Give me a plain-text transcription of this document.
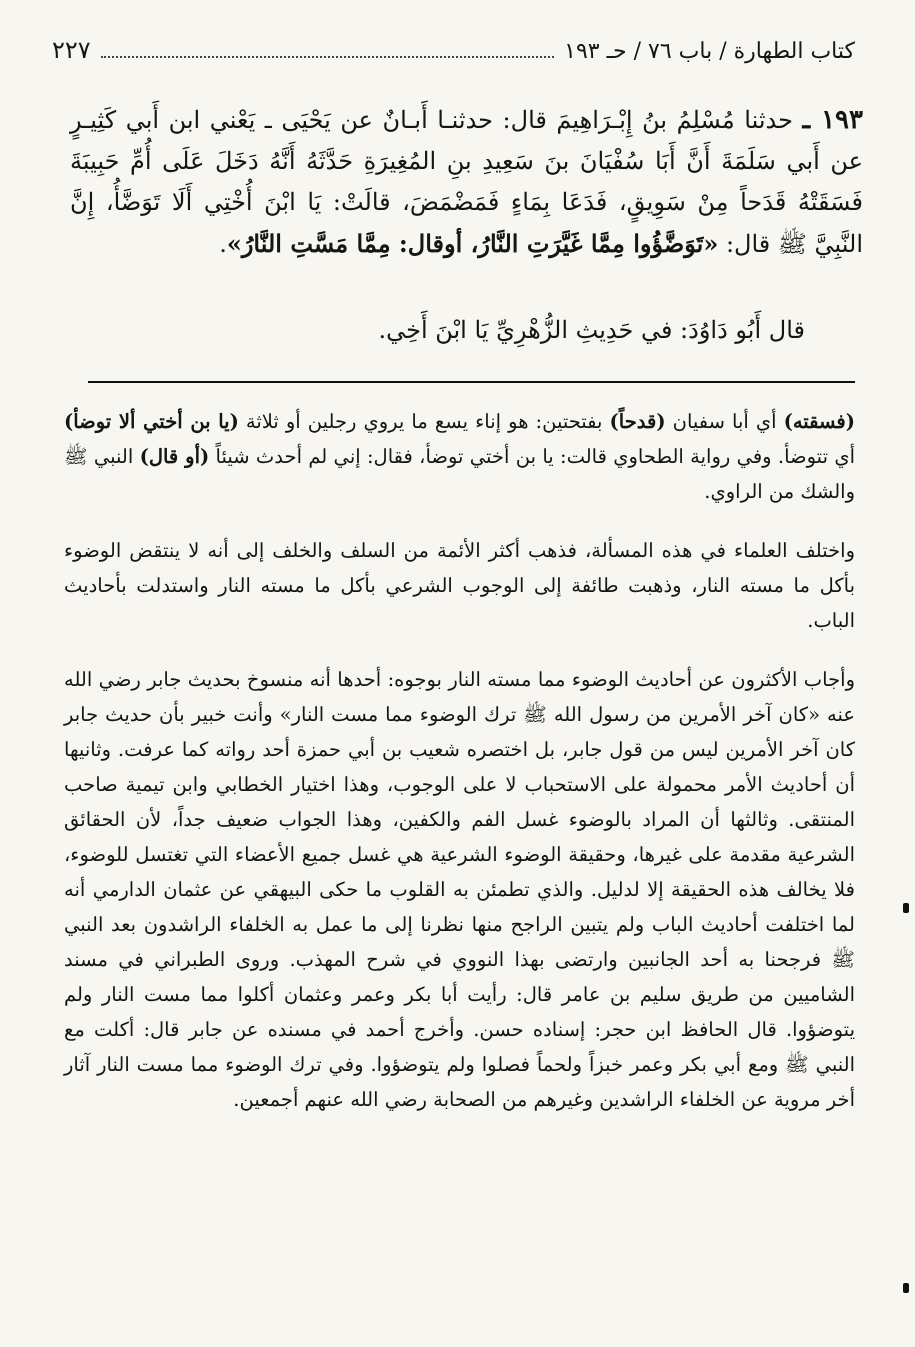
كتاب الطهارة / باب ٧٦ / حـ ١٩٣
٢٢٧
١٩٣ ـ حدثنا مُسْلِمُ بنُ إِبْـرَاهِيمَ قال: حدثنـا أَبـانٌ عن يَحْيَى ـ يَعْني ابن أَبي كَثِيـرٍ عن أَبي سَلَمَةَ أَنَّ أَبَا سُفْيَانَ بنَ سَعِيدِ بنِ المُغِيرَةِ حَدَّثَهُ أَنَّهُ دَخَلَ عَلَى أُمِّ حَبِيبَةَ فَسَقَتْهُ قَدَحاً مِنْ سَوِيقٍ، فَدَعَا بِمَاءٍ فَمَضْمَضَ، قالَتْ: يَا ابْنَ أُخْتِي أَلَا تَوَضَّأُ، إِنَّ النَّبِيَّ ﷺ قال: «تَوَضَّؤُوا مِمَّا غَيَّرَتِ النَّارُ، أوقال: مِمَّا مَسَّتِ النَّارُ».
قال أَبُو دَاوُدَ: في حَدِيثِ الزُّهْرِيِّ يَا ابْنَ أَخِي.

(فسقته) أي أبا سفيان (قدحاً) بفتحتين: هو إناء يسع ما يروي رجلين أو ثلاثة (يا بن أختي ألا توضأ) أي تتوضأ. وفي رواية الطحاوي قالت: يا بن أختي توضأ، فقال: إني لم أحدث شيئاً (أو قال) النبي ﷺ والشك من الراوي.

واختلف العلماء في هذه المسألة، فذهب أكثر الأئمة من السلف والخلف إلى أنه لا ينتقض الوضوء بأكل ما مسته النار، وذهبت طائفة إلى الوجوب الشرعي بأكل ما مسته النار واستدلت بأحاديث الباب.

وأجاب الأكثرون عن أحاديث الوضوء مما مسته النار بوجوه: أحدها أنه منسوخ بحديث جابر رضي الله عنه «كان آخر الأمرين من رسول الله ﷺ ترك الوضوء مما مست النار» وأنت خبير بأن حديث جابر كان آخر الأمرين ليس من قول جابر، بل اختصره شعيب بن أبي حمزة أحد رواته كما عرفت. وثانيها أن أحاديث الأمر محمولة على الاستحباب لا على الوجوب، وهذا اختيار الخطابي وابن تيمية صاحب المنتقى. وثالثها أن المراد بالوضوء غسل الفم والكفين، وهذا الجواب ضعيف جداً، لأن الحقائق الشرعية مقدمة على غيرها، وحقيقة الوضوء الشرعية هي غسل جميع الأعضاء التي تغتسل للوضوء، فلا يخالف هذه الحقيقة إلا لدليل. والذي تطمئن به القلوب ما حكى البيهقي عن عثمان الدارمي أنه لما اختلفت أحاديث الباب ولم يتبين الراجح منها نظرنا إلى ما عمل به الخلفاء الراشدون بعد النبي ﷺ فرجحنا به أحد الجانبين وارتضى بهذا النووي في شرح المهذب. وروى الطبراني في مسند الشاميين من طريق سليم بن عامر قال: رأيت أبا بكر وعمر وعثمان أكلوا مما مست النار ولم يتوضؤوا. قال الحافظ ابن حجر: إسناده حسن. وأخرج أحمد في مسنده عن جابر قال: أكلت مع النبي ﷺ ومع أبي بكر وعمر خبزاً ولحماً فصلوا ولم يتوضؤوا. وفي ترك الوضوء مما مست النار آثار أخر مروية عن الخلفاء الراشدين وغيرهم من الصحابة رضي الله عنهم أجمعين.
